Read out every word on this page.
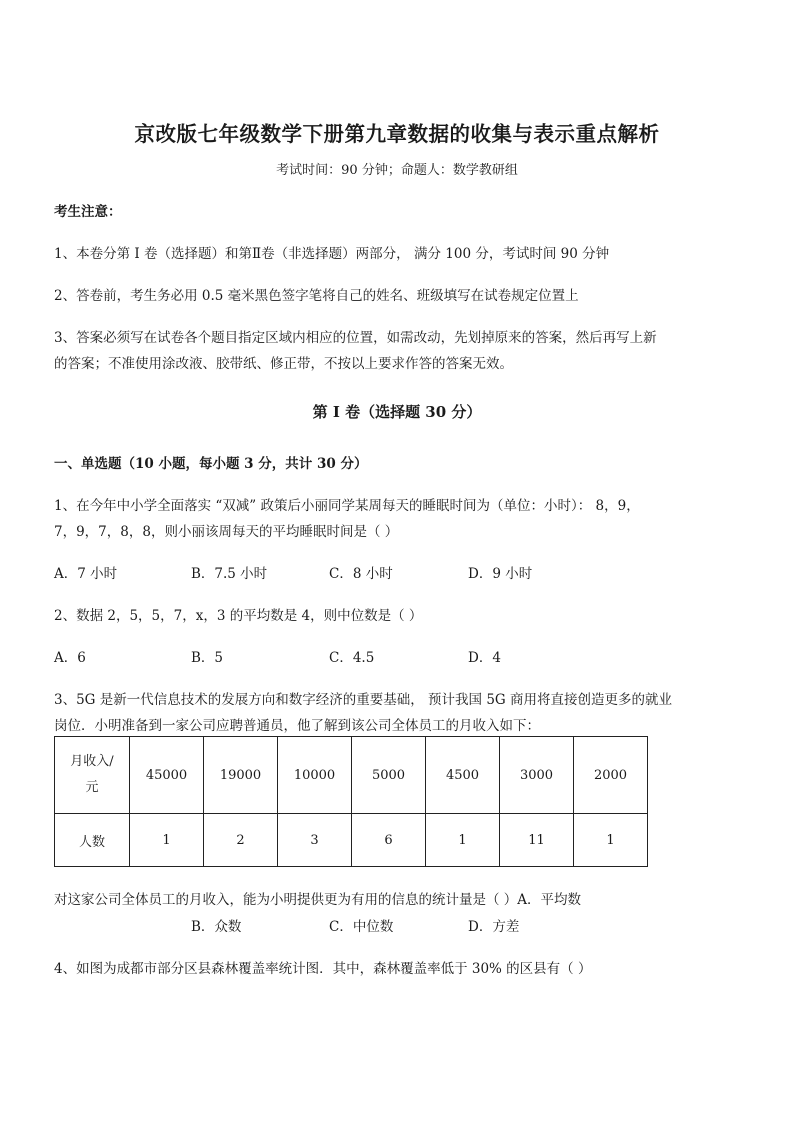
京改版七年级数学下册第九章数据的收集与表示重点解析
考试时间：90 分钟；命题人：数学教研组
考生注意：
1、本卷分第 I 卷（选择题）和第Ⅱ卷（非选择题）两部分， 满分 100 分，考试时间 90 分钟
2、答卷前，考生务必用 0.5 毫米黑色签字笔将自己的姓名、班级填写在试卷规定位置上
3、答案必须写在试卷各个题目指定区域内相应的位置，如需改动，先划掉原来的答案，然后再写上新
的答案；不准使用涂改液、胶带纸、修正带，不按以上要求作答的答案无效。
第 I 卷（选择题 30 分）
一、单选题（10 小题，每小题 3 分，共计 30 分）
1、在今年中小学全面落实 “双减” 政策后小丽同学某周每天的睡眠时间为（单位：小时）： 8，9，
7，9，7，8，8，则小丽该周每天的平均睡眠时间是（ ）
A．7 小时	B．7.5 小时	C．8 小时	D．9 小时
2、数据 2，5，5，7，x，3 的平均数是 4，则中位数是（ ）
A．6	B．5	C．4.5	D．4
3、5G 是新一代信息技术的发展方向和数字经济的重要基础， 预计我国 5G 商用将直接创造更多的就业
岗位．小明准备到一家公司应聘普通员，他了解到该公司全体员工的月收入如下：
月收入/
元	45000	19000	10000	5000	4500	3000	2000
人数	1	2	3	6	1	11	1
对这家公司全体员工的月收入，能为小明提供更为有用的信息的统计量是（ ）A．平均数
B．众数	C．中位数	D．方差
4、如图为成都市部分区县森林覆盖率统计图．其中，森林覆盖率低于 30% 的区县有（ ）
